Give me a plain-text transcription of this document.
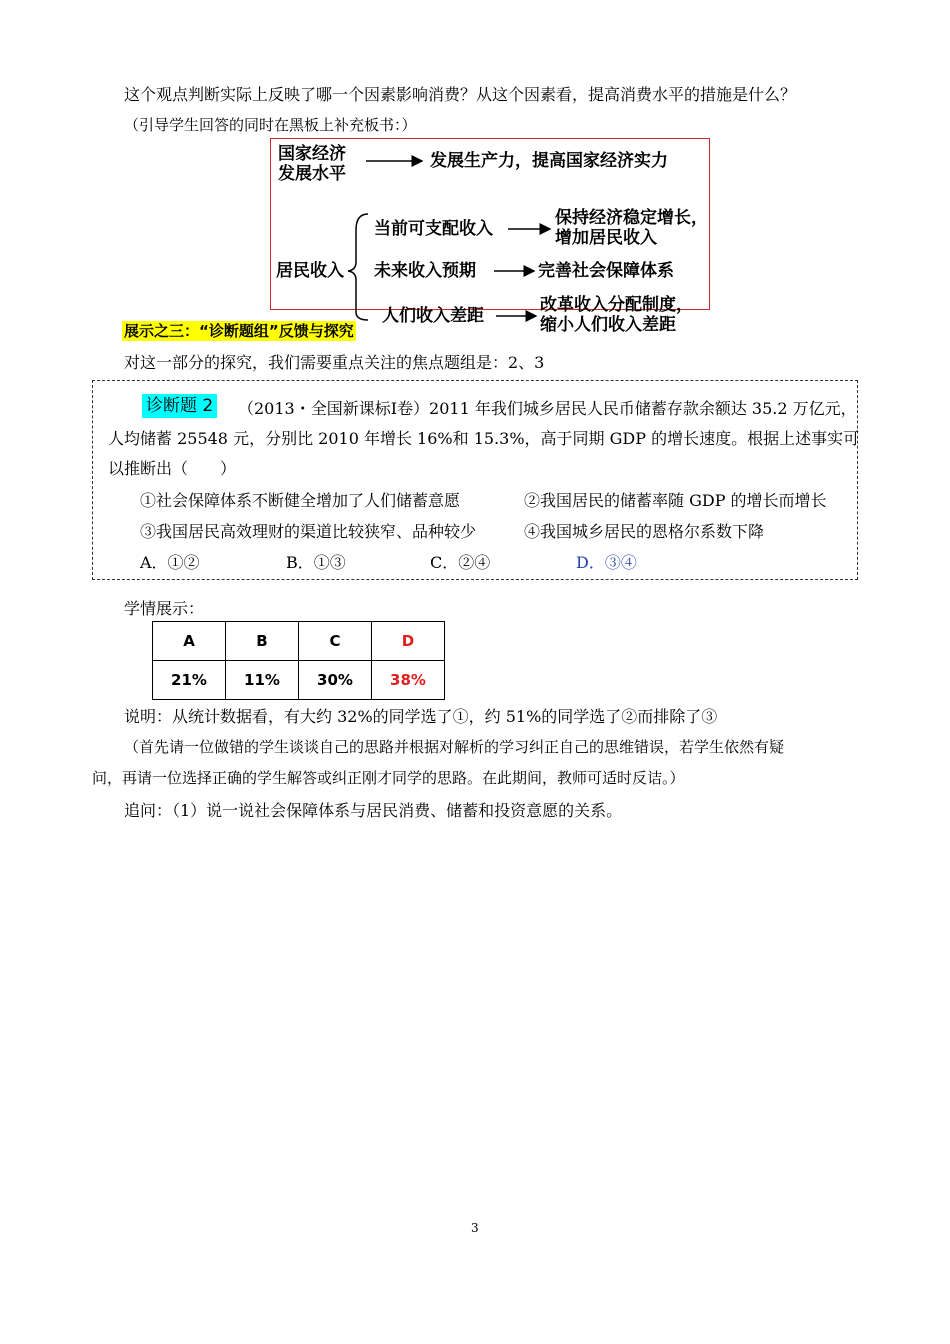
这个观点判断实际上反映了哪一个因素影响消费？从这个因素看，提高消费水平的措施是什么？
（引导学生回答的同时在黑板上补充板书：）
国家经济
发展水平
发展生产力，提高国家经济实力
居民收入
当前可支配收入
保持经济稳定增长，
增加居民收入
未来收入预期	完善社会保障体系
人们收入差距
改革收入分配制度，
缩小人们收入差距
展示之三：“诊断题组”反馈与探究
对这一部分的探究，我们需要重点关注的焦点题组是：2、3
诊断题 2 （2013・全国新课标Ⅰ卷）2011 年我们城乡居民人民币储蓄存款余额达 35.2 万亿元，
人均储蓄 25548 元，分别比 2010 年增长 16%和 15.3%，高于同期 GDP 的增长速度。根据上述事实可
以推断出（　　）
①社会保障体系不断健全增加了人们储蓄意愿	②我国居民的储蓄率随 GDP 的增长而增长
③我国居民高效理财的渠道比较狭窄、品种较少	④我国城乡居民的恩格尔系数下降
A．①②	B．①③	C．②④	D．③④
学情展示：
A	B	C	D
21%	11%	30%	38%
说明：从统计数据看，有大约 32%的同学选了①，约 51%的同学选了②而排除了③
（首先请一位做错的学生谈谈自己的思路并根据对解析的学习纠正自己的思维错误，若学生依然有疑
问，再请一位选择正确的学生解答或纠正刚才同学的思路。在此期间，教师可适时反诘。）
追问：（1）说一说社会保障体系与居民消费、储蓄和投资意愿的关系。
3
